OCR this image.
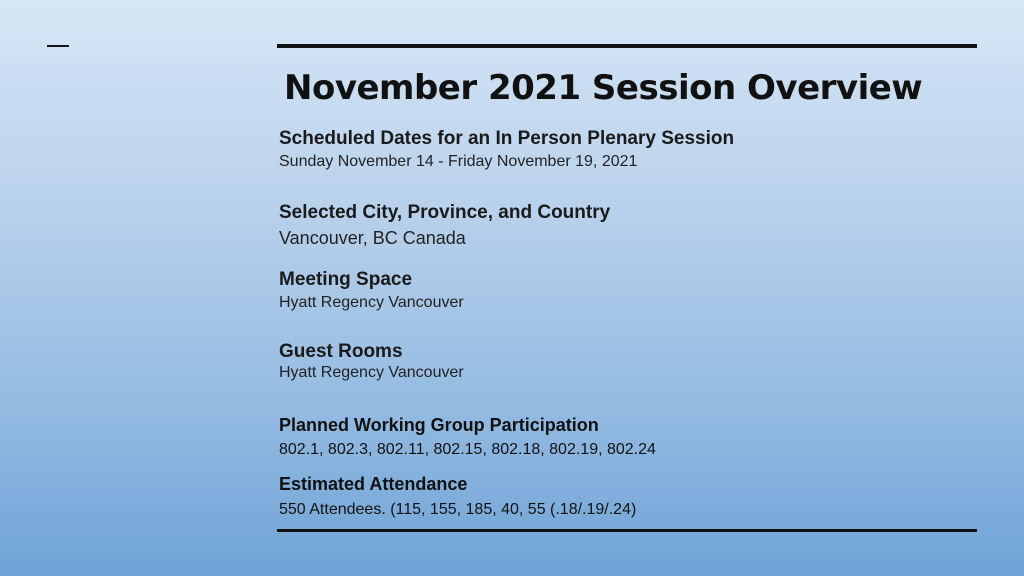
November 2021 Session Overview
Scheduled Dates for an In Person Plenary Session
Sunday November 14 - Friday November 19, 2021
Selected City, Province, and Country
Vancouver, BC Canada
Meeting Space
Hyatt Regency Vancouver
Guest Rooms
Hyatt Regency Vancouver
Planned Working Group Participation
802.1, 802.3, 802.11, 802.15, 802.18, 802.19, 802.24
Estimated Attendance
550 Attendees. (115, 155, 185, 40, 55 (.18/.19/.24)
